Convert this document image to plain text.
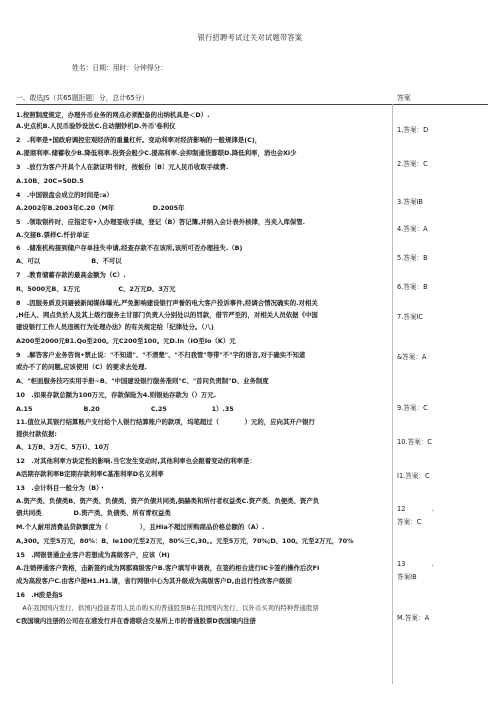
银行招聘考试过关对试题带答案
姓名：日期：用时：分钟得分：
一、敢选JS（共65题拒题〕分，总计65分）	答案
1.按照制度规定，办理外币业务的网点必须配备的出纳机具是＜D）.
A.史点机B.人民币验钞设法C.自动捆钞机D.外币'卷利仪
2　.利率是•国政府调控宏观经济的重量杠杆。变动利率对经济影响的一般规律是(C)，
A.提商利率.储蓄收少B.降低利率.投资会般少C.提高利率.会抑制通货膨联D.降低利率，消也会Xi少
3　.放行为客户开具个人在款证明书时，按板份〔B〕元人民币收取手续费.
A.10B、20C=50D.5
4　.中国银盘会成立的时间是:a）
A.2002年B.2003年C.20（M年　　　　　　D.2005年
5　.领取银杵时，应指定专•入办理签收手续，登记（B）答记簿,并纳入会计表外核律，当夹入库保管.
A.交接B.票样C.忏价单证
6　.储准机构接到储户存单挂失申请,经查存款不在该所,该所可否办理挂失.（B)
A、可以　　　　　　　　B、不可以
7　.教育储蓄存款的最高金额为（C）.
R、5000元B、1万元　　　　　　C、2万元D、3万元
8　.因服务质及问避被新闻媒体曝光,严免影响建设银行声誉的电大客户投诉事件,经调合情况确实的.对相关
,H任人、网点负於人及其上级行服务主甘部门负责人分别处以的罚款，借节严至的，对相关人员依据《中国
建设银行工作人员违规行为处理办法》的有关规定给「纪律处分。（八)
A200至2000元B1.Qo至200。元C200至100。元D.In（IO至Io（K）元
9　.解答客户业务咨询•禁止说："不知道"、"不清楚"、"不归我管"等带"不"字的语言,对于确实不知道
或办不了的问题,应该使用（C）的要求去处理.
A、"柜面服务技巧实用手册~B、"中国建设银行服务准则"C、"首问负责制"D、业务制度
10　.如果存款总额为100万元，存款保险为4.则银始存款为（）万元.
A.15　　　　　　　　B.20　　　　　　　　C.25　　　　　　　1）.35
11.值位从其银行结算账户支付给个人银行结算账户的款项，坞笔超过（　　　　）元的，应向其开户银行
提供付款依据:
A、1万B、3万C、5万I）、10万
12　.对其他利率方块定性的影响.当它发生变动时,其他利率也会跟着变动的利率是：
A活期存款利率B定期存款利率C基准利率D名义利率
13　.会计科目一般分为（B）・
A.资产类、负债类B、资产类、负债类、资产负债共同类,损赫类和所付者权益类C.资产类、负便类、资产负
债共同类　　　　　D.资产类、负债类、所有青权益类
M.个人耐用消费品贷款额度为（　　　　　），且Hia不超过所购商品价格总额的（A）.
A,300。元至5万元，80%：B、le100元至2万元，80%三C,30。。元至5万元，70%;D、100。元至2万元，70%
15　.网银普通企业客户若想成为高级客户，应该（H)
A.注销停通客户资格，击新签约成为网郡商级客户B.客户填写申请表，在签约柜台进行IC卡签约操作后次FI
成为高段客户C.由客户提H1.H1.请，省行网银中心为其升级成为高级客户D,由总行性改客户级别
16　.H股是指S
　A在我国国内发行、供国内投能者用人民币购买的普通股票B在我国国内发行、以外币买卖的特种普通股票
C我国境内注册的公司在在港发行并在香港联合交易所上市的普通股票D我国境内注册
1,答案：D
2.答案：C
3.答案IB
4.答案：A
5.答案：B
6.答案：B
7.答案IC
&答案：A
9.答案：C
10.答案：C
I1.答案：C
12　　　　.答案：C
13　　　　.答案IB
M.答案：A
